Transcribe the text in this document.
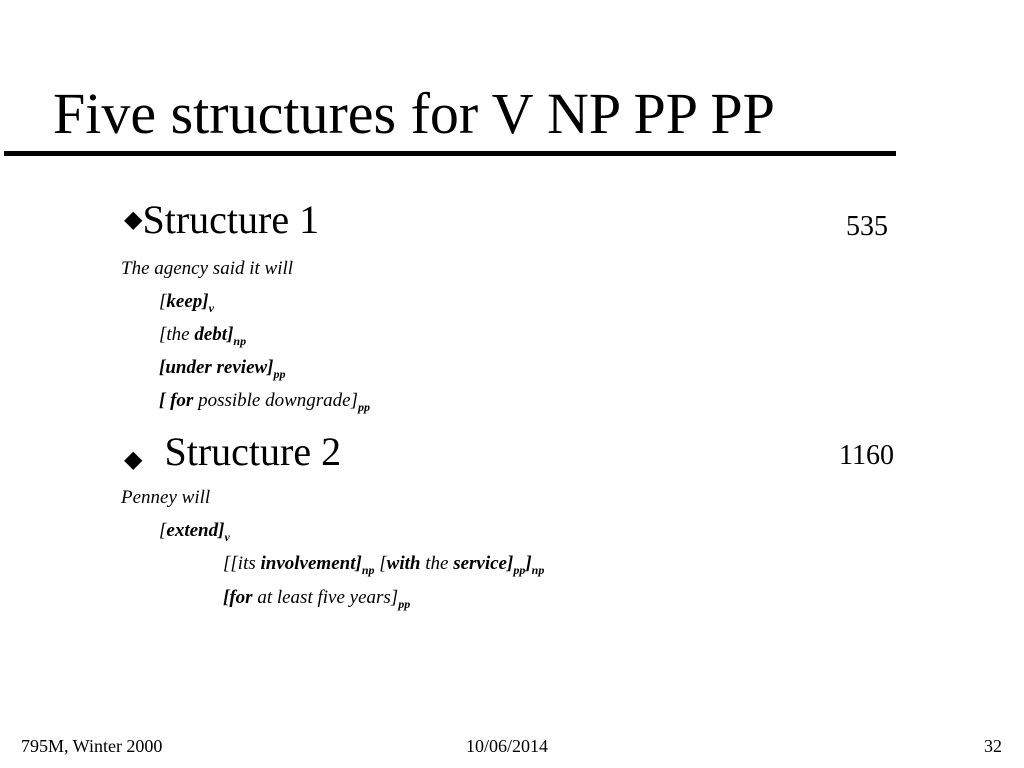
Five structures for V NP PP PP
◆Structure 1	535
The agency said it will
$[keep]_v$
[the $debt]_{np}$
[under $review]_{pp}$
[ for possible $downgrade]_{pp}$
◆ Structure 2	1160
Penney will
$[extend]_v$
[[its $involvement]_{np}$ [with the $service]_{pp}]_{np}$
[for at least five $years]_{pp}$
795M, Winter 2000	10/06/2014	32
